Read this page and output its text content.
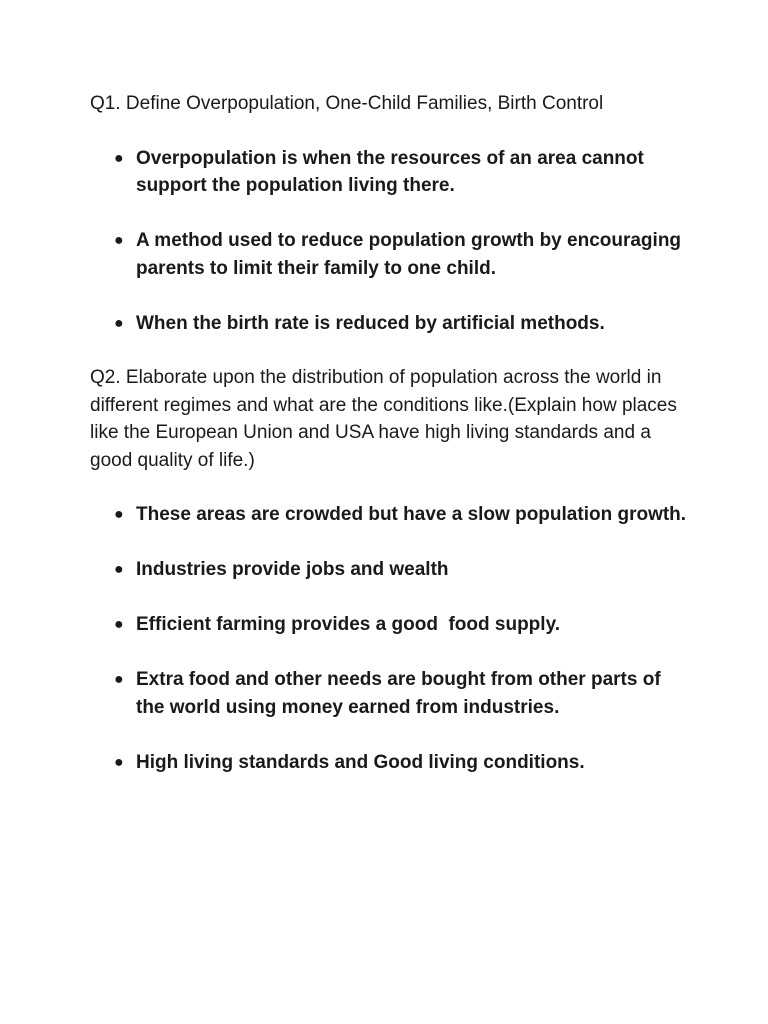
Q1. Define Overpopulation, One-Child Families, Birth Control

● Overpopulation is when the resources of an area cannot support the population living there.
● A method used to reduce population growth by encouraging parents to limit their family to one child.
● When the birth rate is reduced by artificial methods.

Q2. Elaborate upon the distribution of population across the world in different regimes and what are the conditions like.(Explain how places like the European Union and USA have high living standards and a good quality of life.)

● These areas are crowded but have a slow population growth.
● Industries provide jobs and wealth
● Efficient farming provides a good  food supply.
● Extra food and other needs are bought from other parts of the world using money earned from industries.
● High living standards and Good living conditions.
